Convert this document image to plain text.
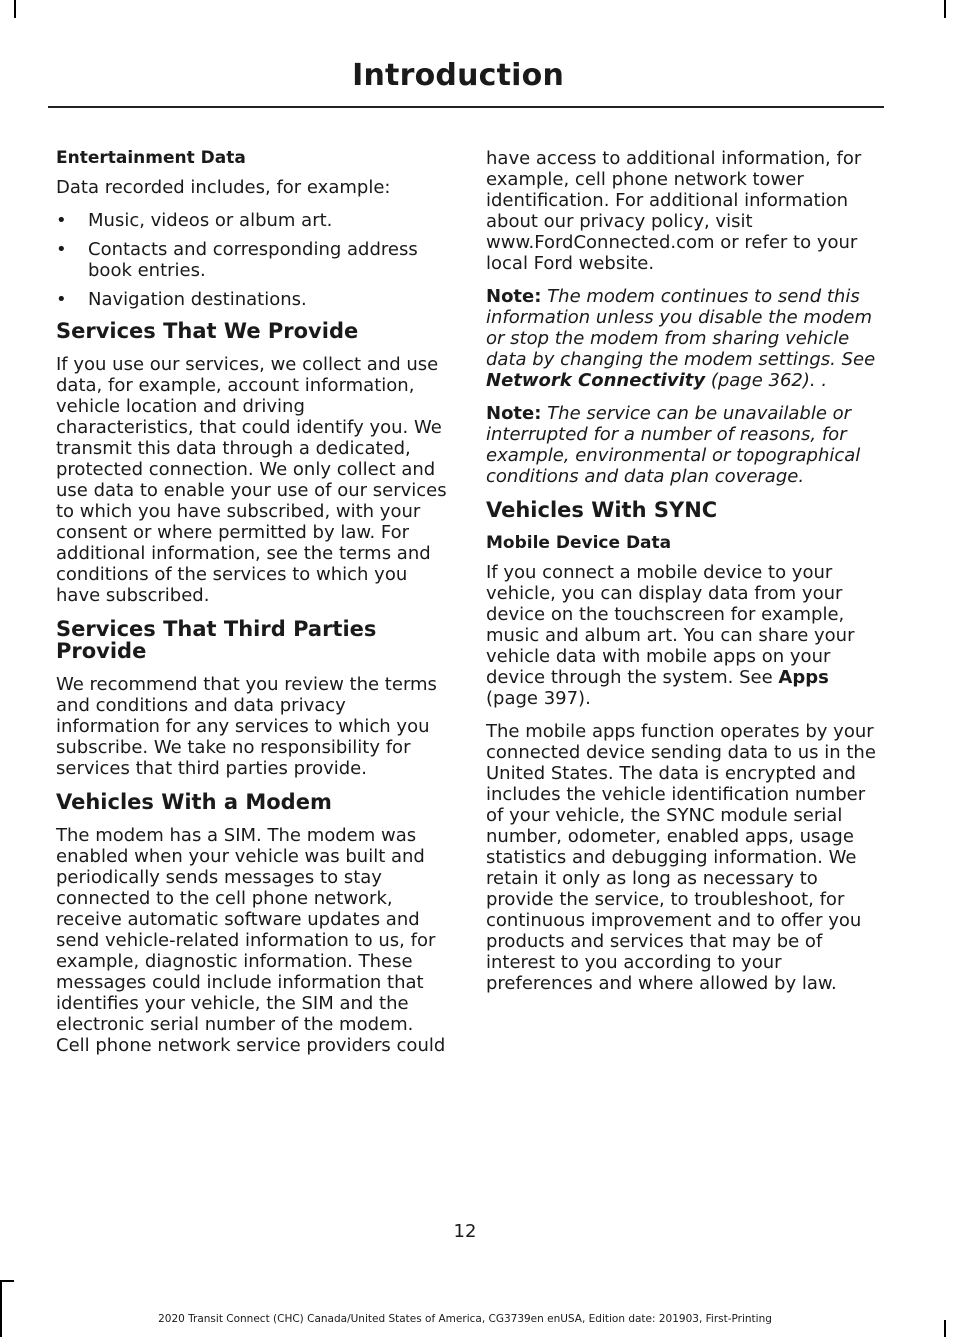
Introduction
Entertainment Data

Data recorded includes, for example:

• Music, videos or album art.
• Contacts and corresponding address book entries.
• Navigation destinations.
Services That We Provide

If you use our services, we collect and use data, for example, account information, vehicle location and driving characteristics, that could identify you. We transmit this data through a dedicated, protected connection. We only collect and use data to enable your use of our services to which you have subscribed, with your consent or where permitted by law. For additional information, see the terms and conditions of the services to which you have subscribed.

Services That Third Parties Provide

We recommend that you review the terms and conditions and data privacy information for any services to which you subscribe. We take no responsibility for services that third parties provide.

Vehicles With a Modem

The modem has a SIM. The modem was enabled when your vehicle was built and periodically sends messages to stay connected to the cell phone network, receive automatic software updates and send vehicle-related information to us, for example, diagnostic information. These messages could include information that identifies your vehicle, the SIM and the electronic serial number of the modem. Cell phone network service providers could

have access to additional information, for example, cell phone network tower identification. For additional information about our privacy policy, visit www.FordConnected.com or refer to your local Ford website.

Note: The modem continues to send this information unless you disable the modem or stop the modem from sharing vehicle data by changing the modem settings. See Network Connectivity (page 362). .

Note: The service can be unavailable or interrupted for a number of reasons, for example, environmental or topographical conditions and data plan coverage.

Vehicles With SYNC
Mobile Device Data

If you connect a mobile device to your vehicle, you can display data from your device on the touchscreen for example, music and album art. You can share your vehicle data with mobile apps on your device through the system. See Apps (page 397).

The mobile apps function operates by your connected device sending data to us in the United States. The data is encrypted and includes the vehicle identification number of your vehicle, the SYNC module serial number, odometer, enabled apps, usage statistics and debugging information. We retain it only as long as necessary to provide the service, to troubleshoot, for continuous improvement and to offer you products and services that may be of interest to you according to your preferences and where allowed by law.

12
2020 Transit Connect (CHC) Canada/United States of America, CG3739en enUSA, Edition date: 201903, First-Printing
